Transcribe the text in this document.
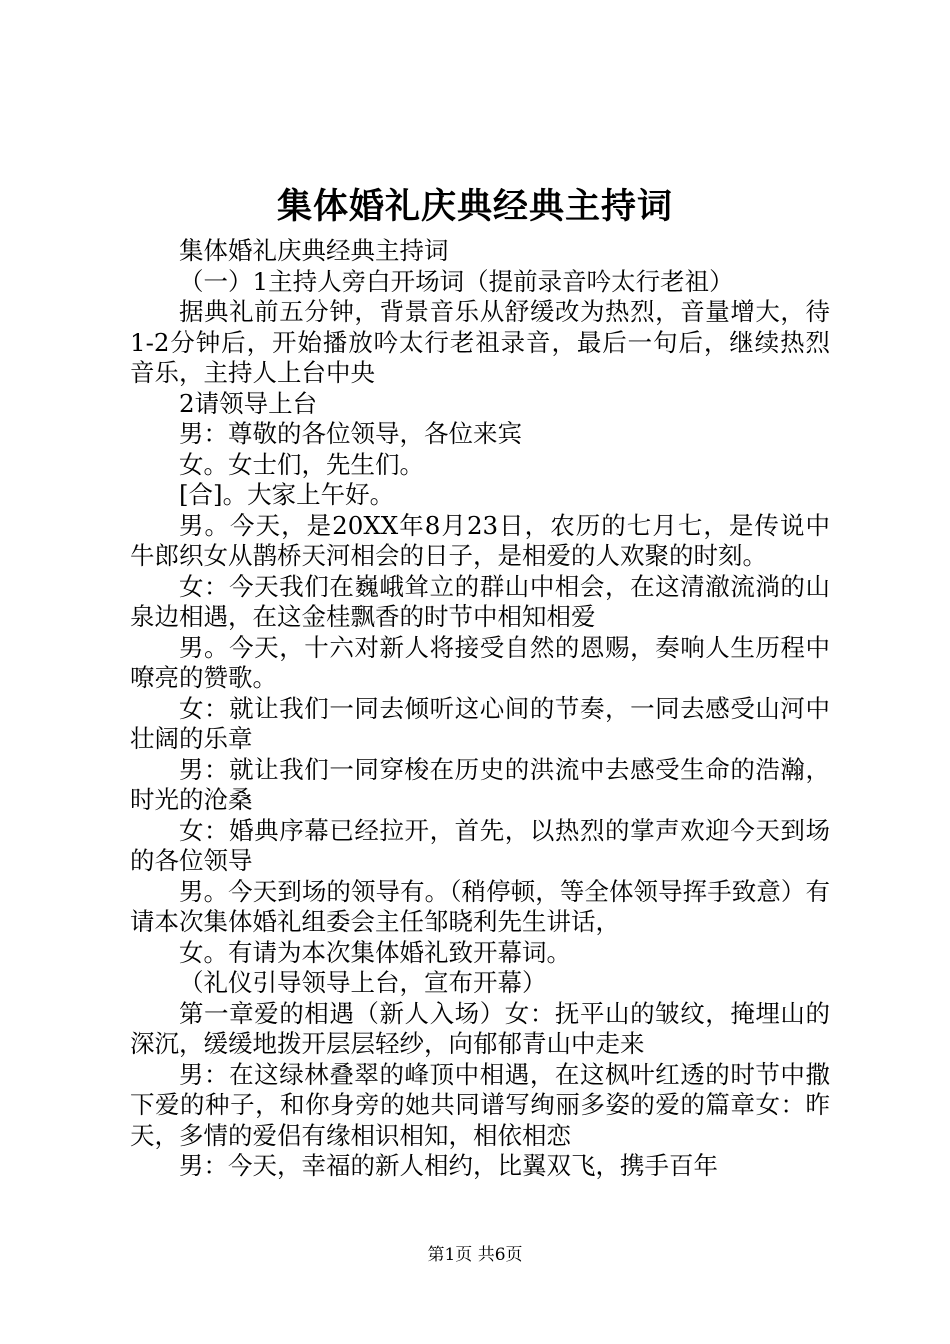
集体婚礼庆典经典主持词

集体婚礼庆典经典主持词

（一）1主持人旁白开场词（提前录音吟太行老祖）

据典礼前五分钟，背景音乐从舒缓改为热烈，音量增大，待1-2分钟后，开始播放吟太行老祖录音，最后一句后，继续热烈音乐，主持人上台中央

2请领导上台

男：尊敬的各位领导，各位来宾

女。女士们，先生们。

[合]。大家上午好。

男。今天，是20XX年8月23日，农历的七月七，是传说中牛郎织女从鹊桥天河相会的日子，是相爱的人欢聚的时刻。

女：今天我们在巍峨耸立的群山中相会，在这清澈流淌的山泉边相遇，在这金桂飘香的时节中相知相爱

男。今天，十六对新人将接受自然的恩赐，奏响人生历程中嘹亮的赞歌。

女：就让我们一同去倾听这心间的节奏，一同去感受山河中壮阔的乐章

男：就让我们一同穿梭在历史的洪流中去感受生命的浩瀚，时光的沧桑

女：婚典序幕已经拉开，首先，以热烈的掌声欢迎今天到场的各位领导

男。今天到场的领导有。（稍停顿，等全体领导挥手致意）有请本次集体婚礼组委会主任邹晓利先生讲话，

女。有请为本次集体婚礼致开幕词。

（礼仪引导领导上台，宣布开幕）

第一章爱的相遇（新人入场）女：抚平山的皱纹，掩埋山的深沉，缓缓地拨开层层轻纱，向郁郁青山中走来

男：在这绿林叠翠的峰顶中相遇，在这枫叶红透的时节中撒下爱的种子，和你身旁的她共同谱写绚丽多姿的爱的篇章女：昨天，多情的爱侣有缘相识相知，相依相恋

男：今天，幸福的新人相约，比翼双飞，携手百年

第1页 共6页
